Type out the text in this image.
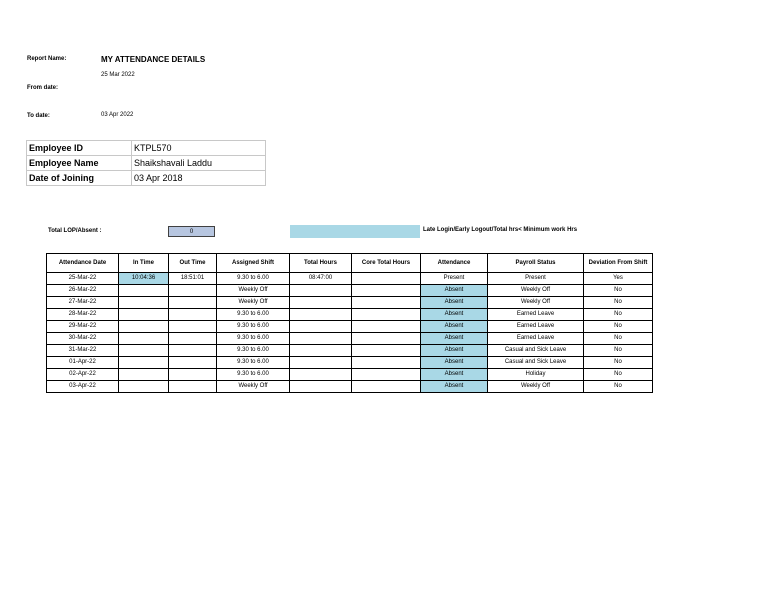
Report Name:	MY ATTENDANCE DETAILS
25 Mar 2022
From date:
To date:	03 Apr 2022
Employee ID	KTPL570
Employee Name	Shaikshavali Laddu
Date of Joining	03 Apr 2018
Total LOP/Absent :	0	Late Login/Early Logout/Total hrs< Minimum work Hrs
Attendance Date	In Time	Out Time	Assigned Shift	Total Hours	Core Total Hours	Attendance	Payroll Status	Deviation From Shift
25-Mar-22	10:04:36	18:51:01	9.30 to 6.00	08:47:00		Present	Present	Yes
26-Mar-22			Weekly Off			Absent	Weekly Off	No
27-Mar-22			Weekly Off			Absent	Weekly Off	No
28-Mar-22			9.30 to 6.00			Absent	Earned Leave	No
29-Mar-22			9.30 to 6.00			Absent	Earned Leave	No
30-Mar-22			9.30 to 6.00			Absent	Earned Leave	No
31-Mar-22			9.30 to 6.00			Absent	Casual and Sick Leave	No
01-Apr-22			9.30 to 6.00			Absent	Casual and Sick Leave	No
02-Apr-22			9.30 to 6.00			Absent	Holiday	No
03-Apr-22			Weekly Off			Absent	Weekly Off	No
